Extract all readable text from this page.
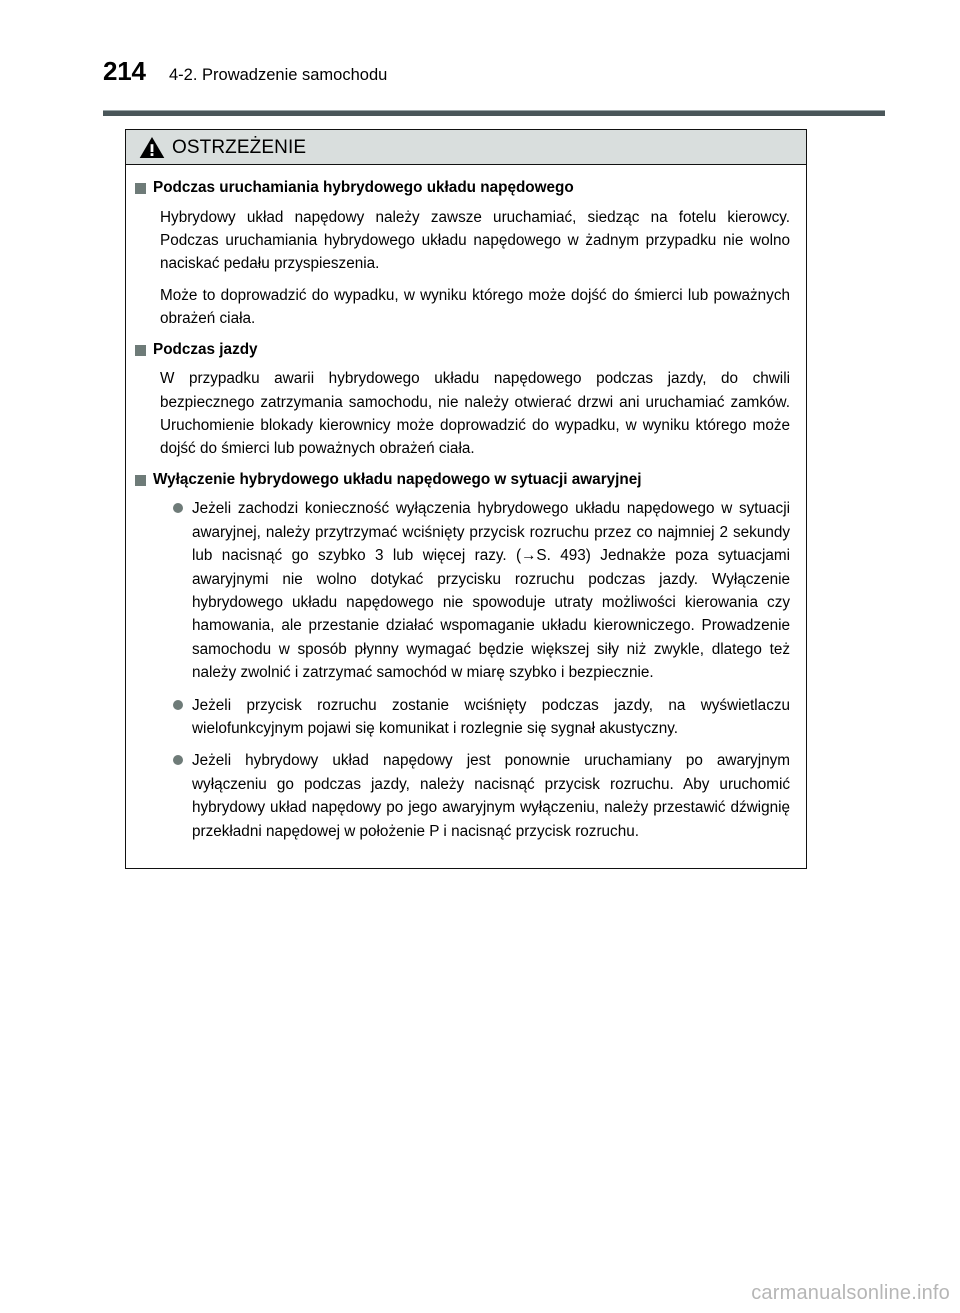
214	4-2. Prowadzenie samochodu
OSTRZEŻENIE
Podczas uruchamiania hybrydowego układu napędowego

Hybrydowy układ napędowy należy zawsze uruchamiać, siedząc na fotelu kierowcy. Podczas uruchamiania hybrydowego układu napędowego w żadnym przypadku nie wolno naciskać pedału przyspieszenia.

Może to doprowadzić do wypadku, w wyniku którego może dojść do śmierci lub poważnych obrażeń ciała.

Podczas jazdy

W przypadku awarii hybrydowego układu napędowego podczas jazdy, do chwili bezpiecznego zatrzymania samochodu, nie należy otwierać drzwi ani uruchamiać zamków. Uruchomienie blokady kierownicy może doprowadzić do wypadku, w wyniku którego może dojść do śmierci lub poważnych obrażeń ciała.

Wyłączenie hybrydowego układu napędowego w sytuacji awaryjnej
Jeżeli zachodzi konieczność wyłączenia hybrydowego układu napędowego w sytuacji awaryjnej, należy przytrzymać wciśnięty przycisk rozruchu przez co najmniej 2 sekundy lub nacisnąć go szybko 3 lub więcej razy. (→S. 493) Jednakże poza sytuacjami awaryjnymi nie wolno dotykać przycisku rozruchu podczas jazdy. Wyłączenie hybrydowego układu napędowego nie spowoduje utraty możliwości kierowania czy hamowania, ale przestanie działać wspomaganie układu kierowniczego. Prowadzenie samochodu w sposób płynny wymagać będzie większej siły niż zwykle, dlatego też należy zwolnić i zatrzymać samochód w miarę szybko i bezpiecznie.
Jeżeli przycisk rozruchu zostanie wciśnięty podczas jazdy, na wyświetlaczu wielofunkcyjnym pojawi się komunikat i rozlegnie się sygnał akustyczny.
Jeżeli hybrydowy układ napędowy jest ponownie uruchamiany po awaryjnym wyłączeniu go podczas jazdy, należy nacisnąć przycisk rozruchu. Aby uruchomić hybrydowy układ napędowy po jego awaryjnym wyłączeniu, należy przestawić dźwignię przekładni napędowej w położenie P i nacisnąć przycisk rozruchu.
carmanualsonline.info
